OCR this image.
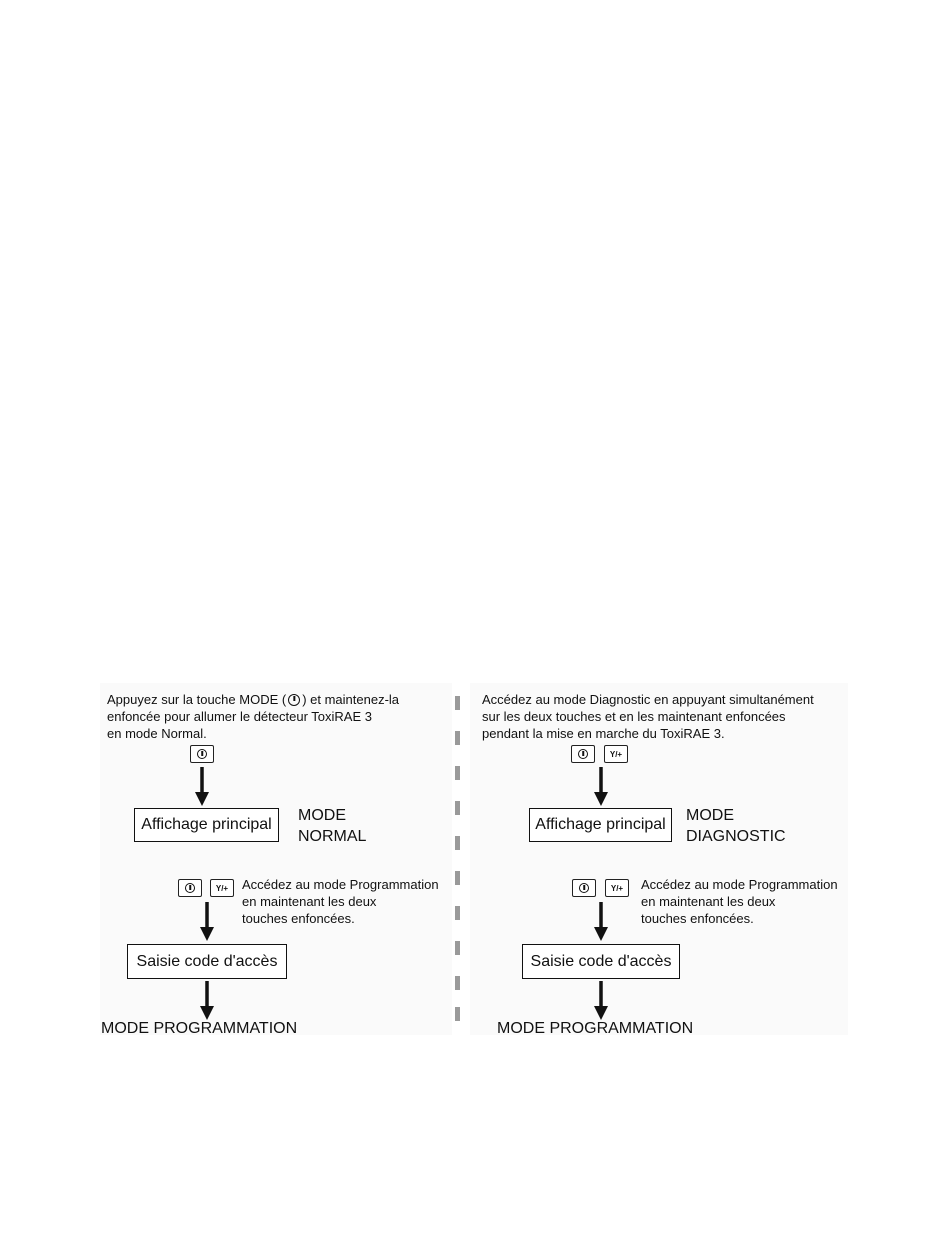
Appuyez sur la touche MODE ( ) et maintenez-la
enfoncée pour allumer le détecteur ToxiRAE 3
en mode Normal.
Affichage principal
MODE
NORMAL
Y/+	Accédez au mode Programmation
en maintenant les deux
touches enfoncées.
Saisie code d'accès
MODE PROGRAMMATION
Accédez au mode Diagnostic en appuyant simultanément
sur les deux touches et en les maintenant enfoncées
pendant la mise en marche du ToxiRAE 3.
Y/+
Affichage principal
MODE
DIAGNOSTIC
Y/+	Accédez au mode Programmation
en maintenant les deux
touches enfoncées.
Saisie code d'accès
MODE PROGRAMMATION
